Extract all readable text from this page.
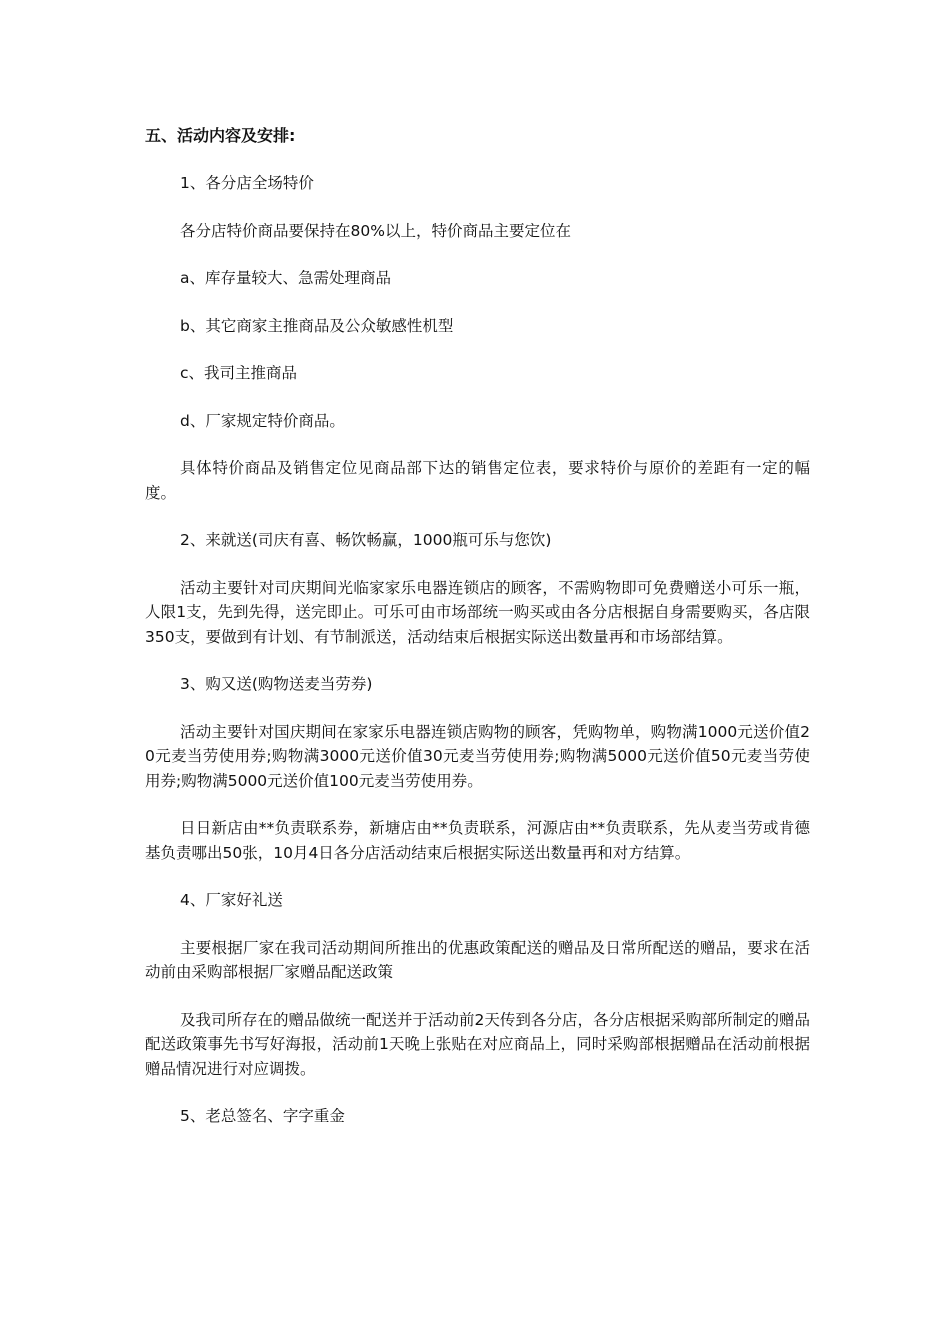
五、活动内容及安排:

1、各分店全场特价

各分店特价商品要保持在80%以上，特价商品主要定位在

a、库存量较大、急需处理商品

b、其它商家主推商品及公众敏感性机型

c、我司主推商品

d、厂家规定特价商品。

具体特价商品及销售定位见商品部下达的销售定位表，要求特价与原价的差距有一定的幅度。

2、来就送(司庆有喜、畅饮畅赢，1000瓶可乐与您饮)

活动主要针对司庆期间光临家家乐电器连锁店的顾客，不需购物即可免费赠送小可乐一瓶，人限1支，先到先得，送完即止。可乐可由市场部统一购买或由各分店根据自身需要购买，各店限350支，要做到有计划、有节制派送，活动结束后根据实际送出数量再和市场部结算。

3、购又送(购物送麦当劳券)

活动主要针对国庆期间在家家乐电器连锁店购物的顾客，凭购物单，购物满1000元送价值20元麦当劳使用券;购物满3000元送价值30元麦当劳使用券;购物满5000元送价值50元麦当劳使用券;购物满5000元送价值100元麦当劳使用券。

日日新店由**负责联系券，新塘店由**负责联系，河源店由**负责联系，先从麦当劳或肯德基负责哪出50张，10月4日各分店活动结束后根据实际送出数量再和对方结算。

4、厂家好礼送

主要根据厂家在我司活动期间所推出的优惠政策配送的赠品及日常所配送的赠品，要求在活动前由采购部根据厂家赠品配送政策

及我司所存在的赠品做统一配送并于活动前2天传到各分店，各分店根据采购部所制定的赠品配送政策事先书写好海报，活动前1天晚上张贴在对应商品上，同时采购部根据赠品在活动前根据赠品情况进行对应调拨。

5、老总签名、字字重金
